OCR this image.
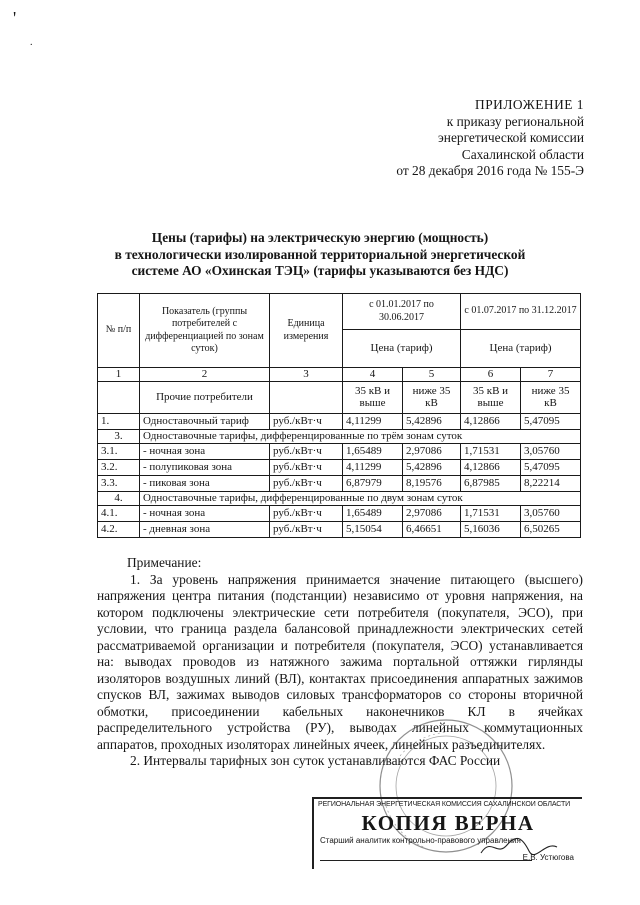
'
.
ПРИЛОЖЕНИЕ 1
к приказу региональной
энергетической комиссии
Сахалинской области
от 28 декабря 2016 года № 155-Э
Цены (тарифы) на электрическую энергию (мощность)
в технологически изолированной территориальной энергетической
системе АО «Охинская ТЭЦ» (тарифы указываются без НДС)
№ п/п	Показатель (группы потребителей с дифференциацией по зонам суток)	Единица измерения	с 01.01.2017 по 30.06.2017		с 01.07.2017 по 31.12.2017	
			Цена (тариф)		Цена (тариф)	
1	2	3	4	5	6	7
	Прочие потребители		35 кВ и выше	ниже 35 кВ	35 кВ и выше	ниже 35 кВ
1.	Одноставочный тариф	руб./кВт·ч	4,11299	5,42896	4,12866	5,47095
3.	Одноставочные тарифы, дифференцированные по трём зонам суток					
3.1.	- ночная зона	руб./кВт·ч	1,65489	2,97086	1,71531	3,05760
3.2.	- полупиковая зона	руб./кВт·ч	4,11299	5,42896	4,12866	5,47095
3.3.	- пиковая зона	руб./кВт·ч	6,87979	8,19576	6,87985	8,22214
4.	Одноставочные тарифы, дифференцированные по двум зонам суток					
4.1.	- ночная зона	руб./кВт·ч	1,65489	2,97086	1,71531	3,05760
4.2.	- дневная зона	руб./кВт·ч	5,15054	6,46651	5,16036	6,50265

Примечание:

1. За уровень напряжения принимается значение питающего (высшего) напряжения центра питания (подстанции) независимо от уровня напряжения, на котором подключены электрические сети потребителя (покупателя, ЭСО), при условии, что граница раздела балансовой принадлежности электрических сетей рассматриваемой организации и потребителя (покупателя, ЭСО) устанавливается на: выводах проводов из натяжного зажима портальной оттяжки гирлянды изоляторов воздушных линий (ВЛ), контактах присоединения аппаратных зажимов спусков ВЛ, зажимах выводов силовых трансформаторов со стороны вторичной обмотки, присоединении кабельных наконечников КЛ в ячейках распределительного устройства (РУ), выводах линейных коммутационных аппаратов, проходных изоляторах линейных ячеек, линейных разъединителях.

2. Интервалы тарифных зон суток устанавливаются ФАС России

РЕГИОНАЛЬНАЯ ЭНЕРГЕТИЧЕСКАЯ КОМИССИЯ САХАЛИНСКОЙ ОБЛАСТИ
КОПИЯ ВЕРНА
Старший аналитик контрольно-правового управления
Е.В. Устюгова
